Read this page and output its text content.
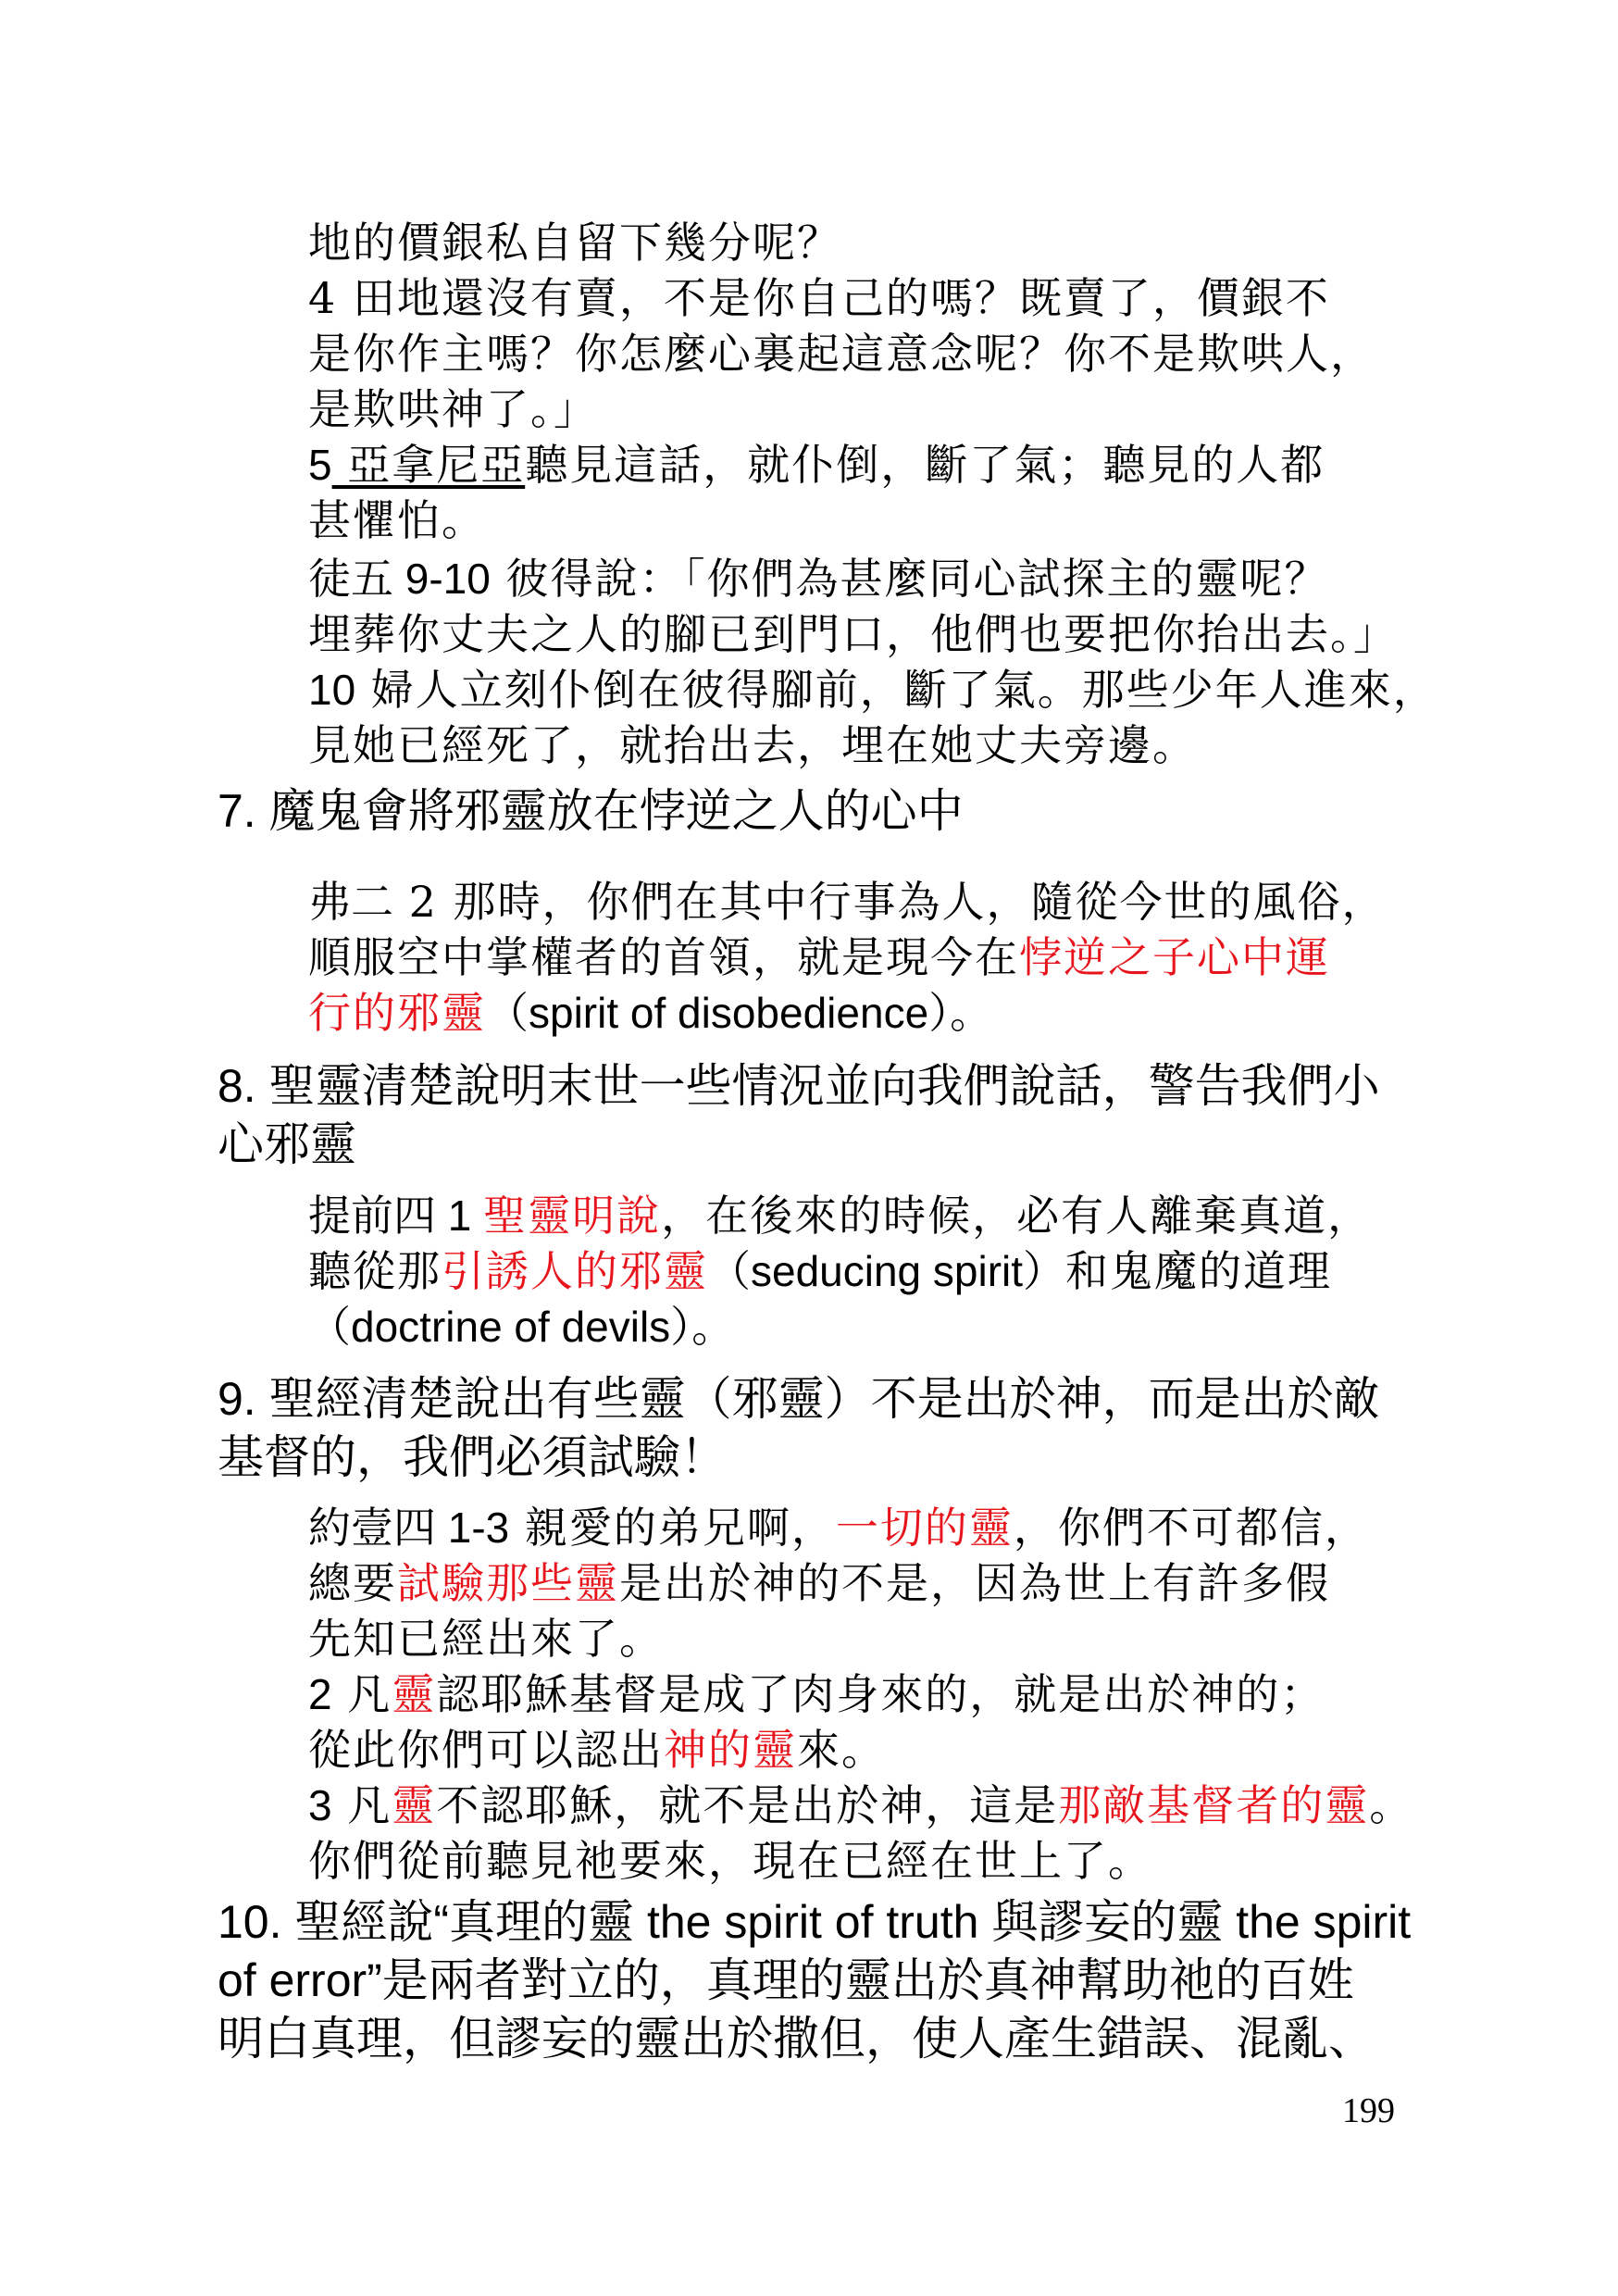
地的價銀私自留下幾分呢？
4 田地還沒有賣，不是你自己的嗎？既賣了，價銀不
是你作主嗎？你怎麼心裏起這意念呢？你不是欺哄人，
是欺哄神了。」
5 亞拿尼亞聽見這話，就仆倒，斷了氣；聽見的人都
甚懼怕。
徒五 9-10 彼得說：「你們為甚麼同心試探主的靈呢？
埋葬你丈夫之人的腳已到門口，他們也要把你抬出去。」
10 婦人立刻仆倒在彼得腳前，斷了氣。那些少年人進來，
見她已經死了，就抬出去，埋在她丈夫旁邊。
7. 魔鬼會將邪靈放在悖逆之人的心中
弗二 2 那時，你們在其中行事為人，隨從今世的風俗，
順服空中掌權者的首領，就是現今在悖逆之子心中運
行的邪靈（spirit of disobedience）。
8. 聖靈清楚說明末世一些情況並向我們說話，警告我們小
心邪靈
提前四 1 聖靈明說，在後來的時候，必有人離棄真道，
聽從那引誘人的邪靈（seducing spirit）和鬼魔的道理
（doctrine of devils）。
9. 聖經清楚說出有些靈（邪靈）不是出於神，而是出於敵
基督的，我們必須試驗！
約壹四 1-3 親愛的弟兄啊，一切的靈，你們不可都信，
總要試驗那些靈是出於神的不是，因為世上有許多假
先知已經出來了。
2 凡靈認耶穌基督是成了肉身來的，就是出於神的；
從此你們可以認出神的靈來。
3 凡靈不認耶穌，就不是出於神，這是那敵基督者的靈。
你們從前聽見祂要來，現在已經在世上了。
10. 聖經說“真理的靈 the spirit of truth 與謬妄的靈 the spirit
of error”是兩者對立的，真理的靈出於真神幫助祂的百姓
明白真理，但謬妄的靈出於撒但，使人產生錯誤、混亂、
199
